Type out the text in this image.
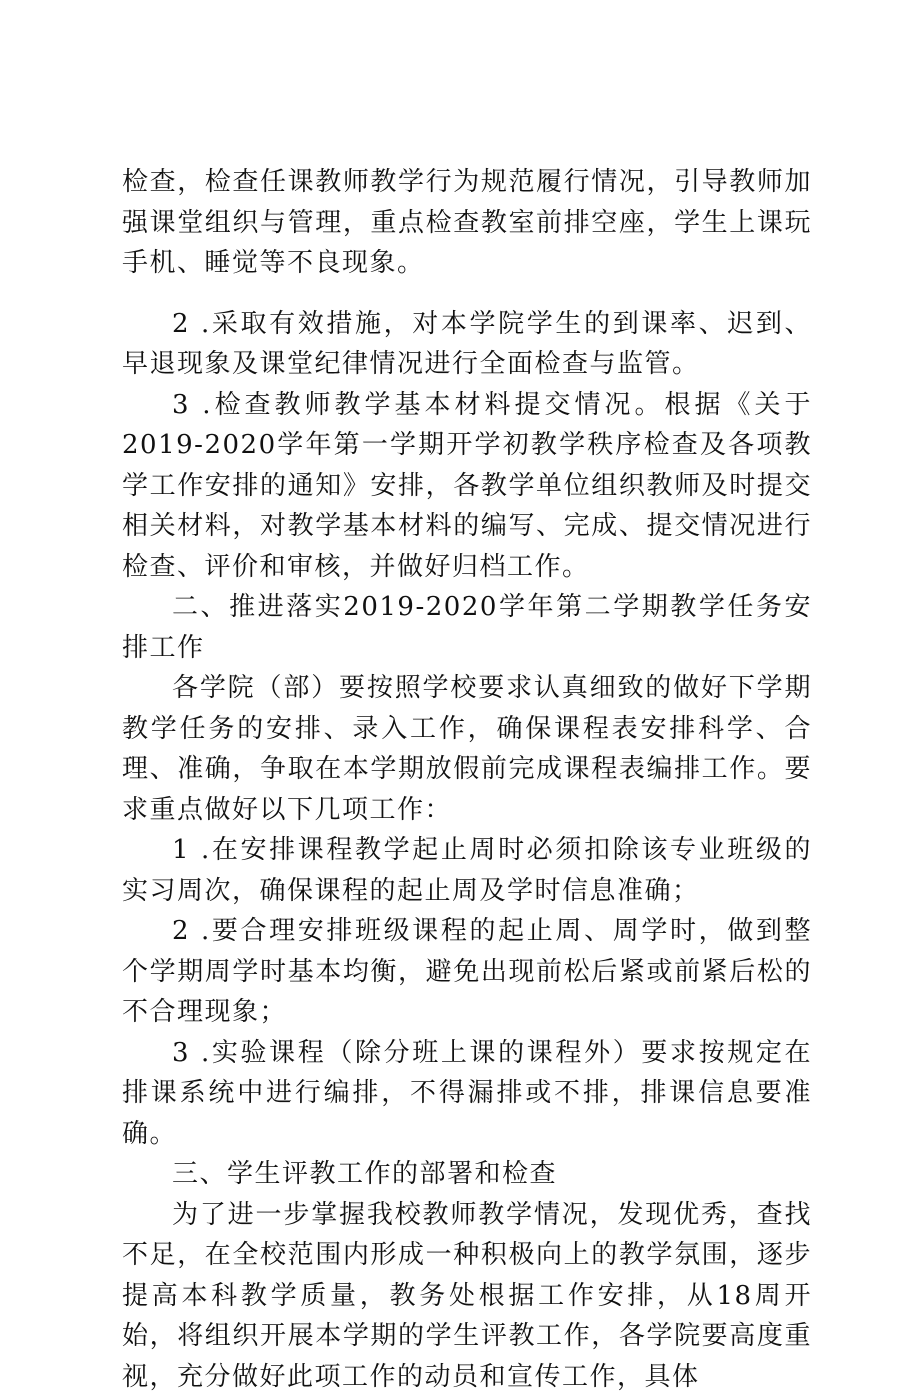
检查，检查任课教师教学行为规范履行情况，引导教师加强课堂组织与管理，重点检查教室前排空座，学生上课玩手机、睡觉等不良现象。

2 .采取有效措施，对本学院学生的到课率、迟到、早退现象及课堂纪律情况进行全面检查与监管。

3 .检查教师教学基本材料提交情况。根据《关于2019-2020学年第一学期开学初教学秩序检查及各项教学工作安排的通知》安排，各教学单位组织教师及时提交相关材料，对教学基本材料的编写、完成、提交情况进行检查、评价和审核，并做好归档工作。

二、推进落实2019-2020学年第二学期教学任务安排工作

各学院（部）要按照学校要求认真细致的做好下学期教学任务的安排、录入工作，确保课程表安排科学、合理、准确，争取在本学期放假前完成课程表编排工作。要求重点做好以下几项工作：

1 .在安排课程教学起止周时必须扣除该专业班级的实习周次，确保课程的起止周及学时信息准确；

2 .要合理安排班级课程的起止周、周学时，做到整个学期周学时基本均衡，避免出现前松后紧或前紧后松的不合理现象；

3 .实验课程（除分班上课的课程外）要求按规定在排课系统中进行编排，不得漏排或不排，排课信息要准确。

三、学生评教工作的部署和检查

为了进一步掌握我校教师教学情况，发现优秀，查找不足，在全校范围内形成一种积极向上的教学氛围，逐步提高本科教学质量，教务处根据工作安排，从18周开始，将组织开展本学期的学生评教工作，各学院要高度重视，充分做好此项工作的动员和宣传工作，具体
